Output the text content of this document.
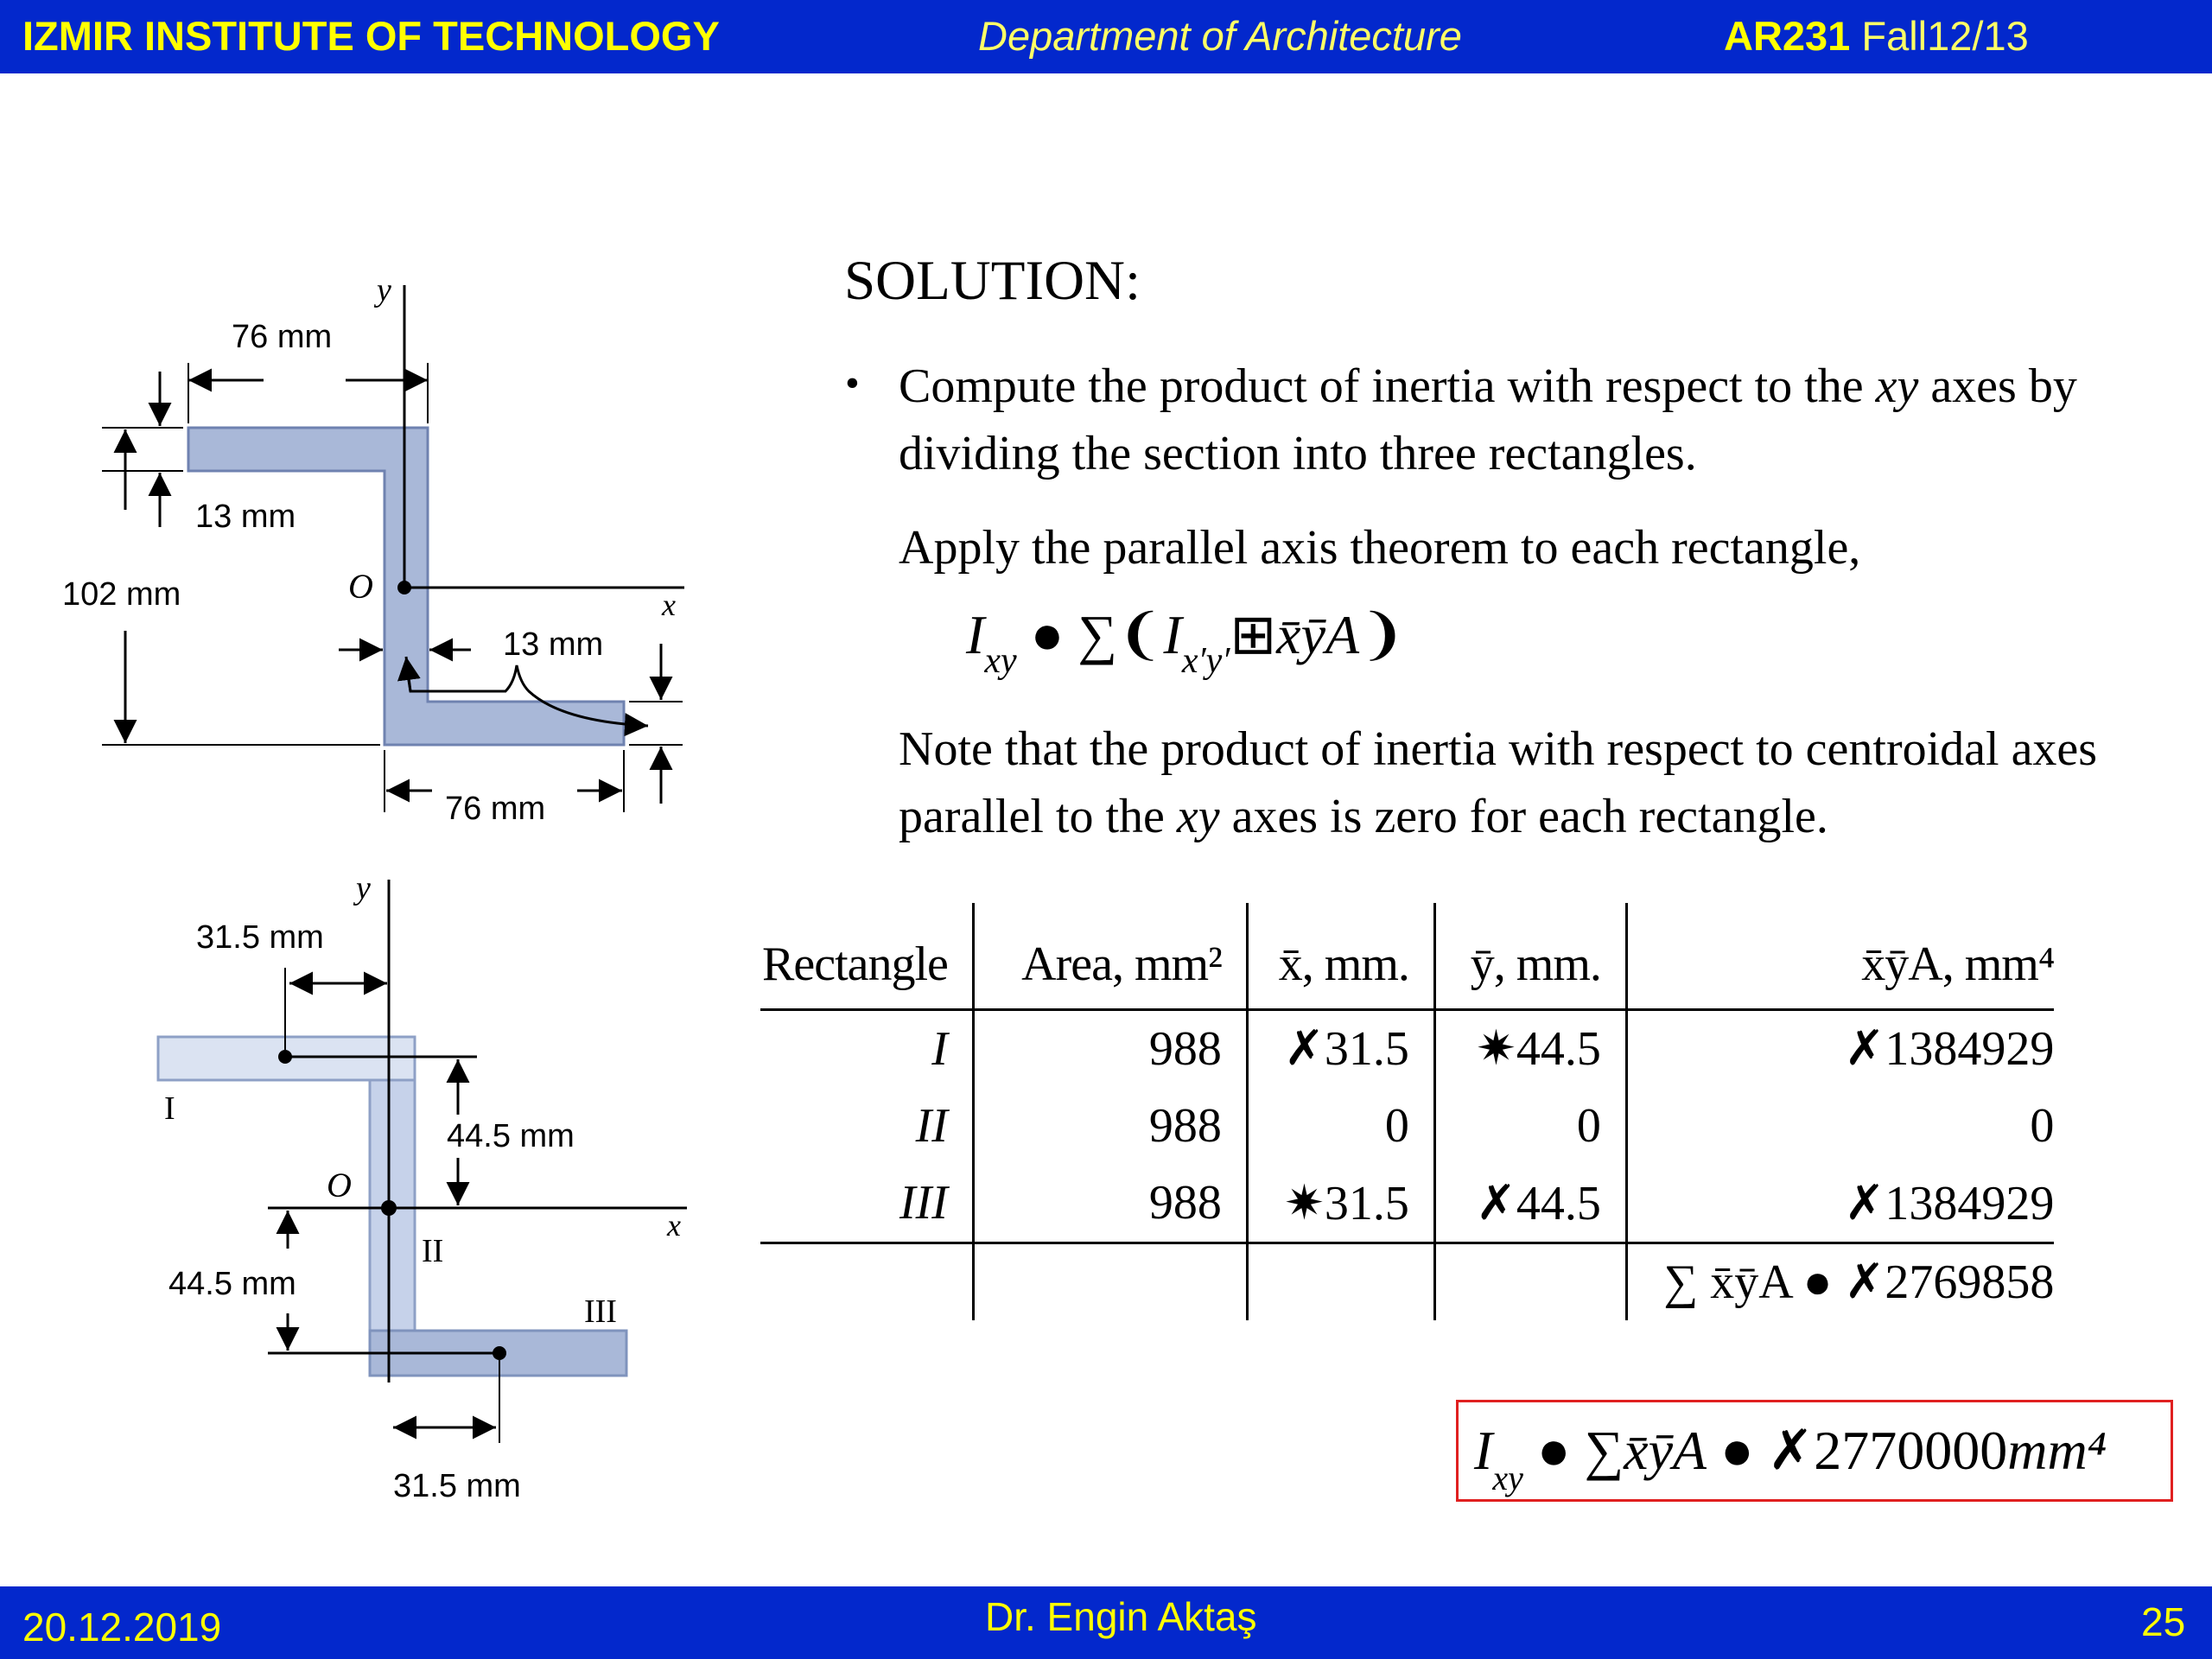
IZMIR INSTITUTE OF TECHNOLOGY	Department of Architecture	AR231 Fall12/13
y
x
O
76 mm
13 mm
102 mm
13 mm
76 mm
y
x
O
31.5 mm
44.5 mm
44.5 mm
31.5 mm
I
II
III
SOLUTION:
• Compute the product of inertia with respect to the xy axes by dividing the section into three rectangles.
Apply the parallel axis theorem to each rectangle,
$I_{xy}$ ● $\sum❨I_{x'y'}⊞x̄ȳA❩$
Note that the product of inertia with respect to centroidal axes parallel to the xy axes is zero for each rectangle.
Rectangle	Area, mm²	x̄, mm.	ȳ, mm.	x̄ȳA, mm⁴
I	988	✗31.5	✷44.5	✗1384929
II	988	0	0	0
III	988	✷31.5	✗44.5	✗1384929
				∑ x̄ȳA ● ✗2769858
$I_{xy}$ ● ∑x̄ȳA ● ✗2770000mm⁴
20.12.2019	Dr. Engin Aktaş	25
